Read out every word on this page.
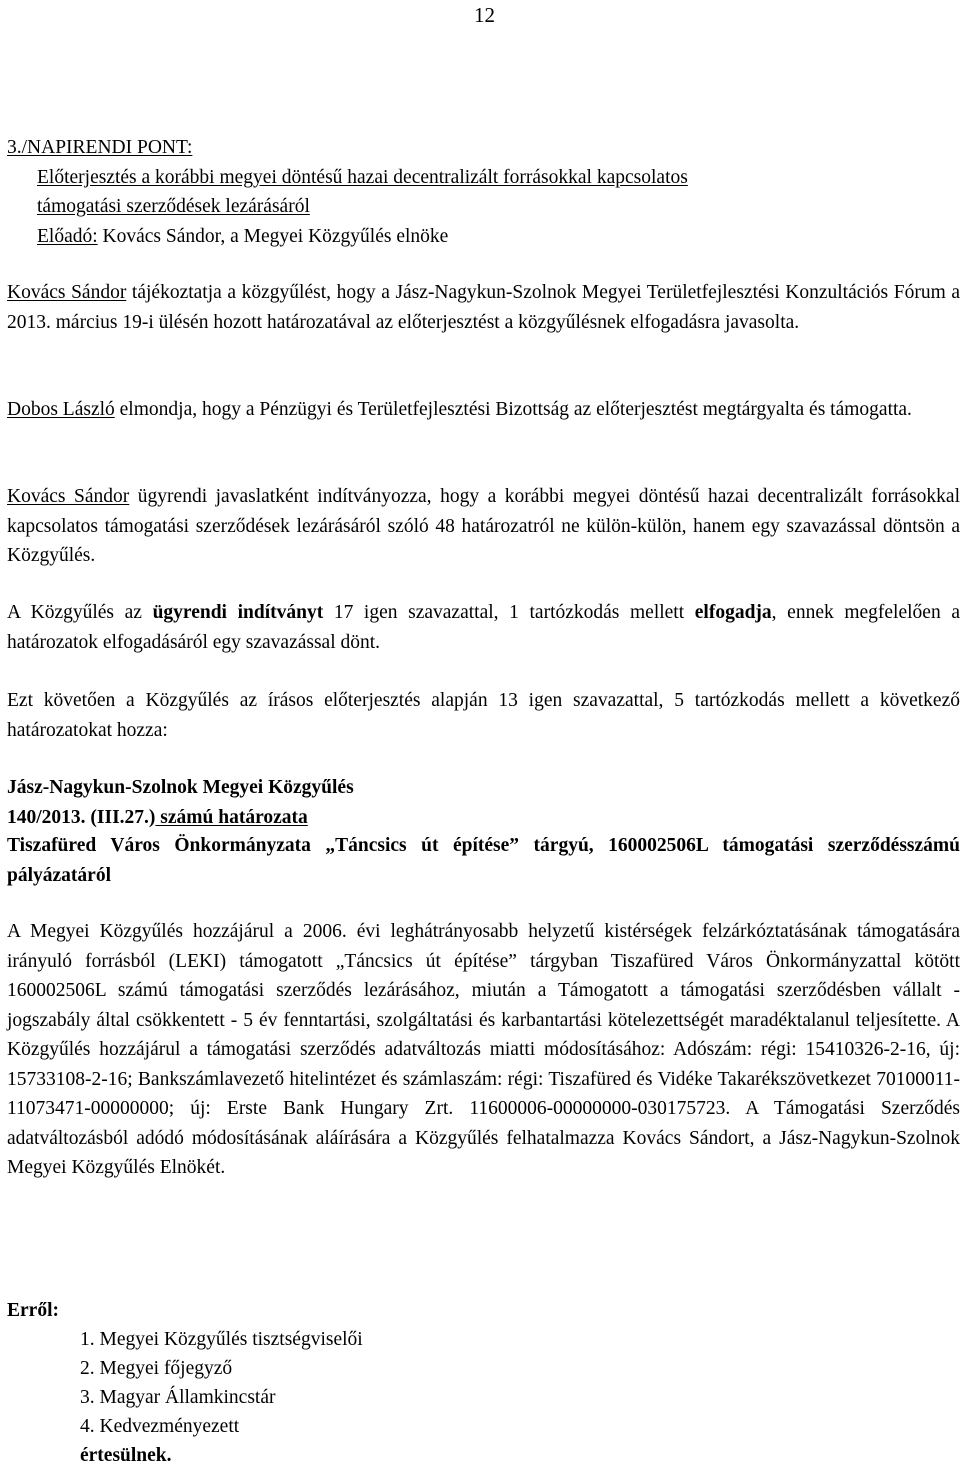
12
3./NAPIRENDI PONT:
Előterjesztés a korábbi megyei döntésű hazai decentralizált forrásokkal kapcsolatos
támogatási szerződések lezárásáról
Előadó: Kovács Sándor, a Megyei Közgyűlés elnöke

Kovács Sándor tájékoztatja a közgyűlést, hogy a Jász-Nagykun-Szolnok Megyei Területfejlesztési Konzultációs Fórum a 2013. március 19-i ülésén hozott határozatával az előterjesztést a közgyűlésnek elfogadásra javasolta.

Dobos László elmondja, hogy a Pénzügyi és Területfejlesztési Bizottság az előterjesztést megtárgyalta és támogatta.

Kovács Sándor ügyrendi javaslatként indítványozza, hogy a korábbi megyei döntésű hazai decentralizált forrásokkal kapcsolatos támogatási szerződések lezárásáról szóló 48 határozatról ne külön-külön, hanem egy szavazással döntsön a Közgyűlés.

A Közgyűlés az ügyrendi indítványt 17 igen szavazattal, 1 tartózkodás mellett elfogadja, ennek megfelelően a határozatok elfogadásáról egy szavazással dönt.

Ezt követően a Közgyűlés az írásos előterjesztés alapján 13 igen szavazattal, 5 tartózkodás mellett a következő határozatokat hozza:

Jász-Nagykun-Szolnok Megyei Közgyűlés
140/2013. (III.27.) számú határozata

Tiszafüred Város Önkormányzata „Táncsics út építése” tárgyú, 160002506L támogatási szerződésszámú pályázatáról

A Megyei Közgyűlés hozzájárul a 2006. évi leghátrányosabb helyzetű kistérségek felzárkóztatásának támogatására irányuló forrásból (LEKI) támogatott „Táncsics út építése” tárgyban Tiszafüred Város Önkormányzattal kötött 160002506L számú támogatási szerződés lezárásához, miután a Támogatott a támogatási szerződésben vállalt - jogszabály által csökkentett - 5 év fenntartási, szolgáltatási és karbantartási kötelezettségét maradéktalanul teljesítette. A Közgyűlés hozzájárul a támogatási szerződés adatváltozás miatti módosításához: Adószám: régi: 15410326-2-16, új: 15733108-2-16; Bankszámlavezető hitelintézet és számlaszám: régi: Tiszafüred és Vidéke Takarékszövetkezet 70100011-11073471-00000000; új: Erste Bank Hungary Zrt. 11600006-00000000-030175723. A Támogatási Szerződés adatváltozásból adódó módosításának aláírására a Közgyűlés felhatalmazza Kovács Sándort, a Jász-Nagykun-Szolnok Megyei Közgyűlés Elnökét.

Erről:
1. Megyei Közgyűlés tisztségviselői
2. Megyei főjegyző
3. Magyar Államkincstár
4. Kedvezményezett
értesülnek.
